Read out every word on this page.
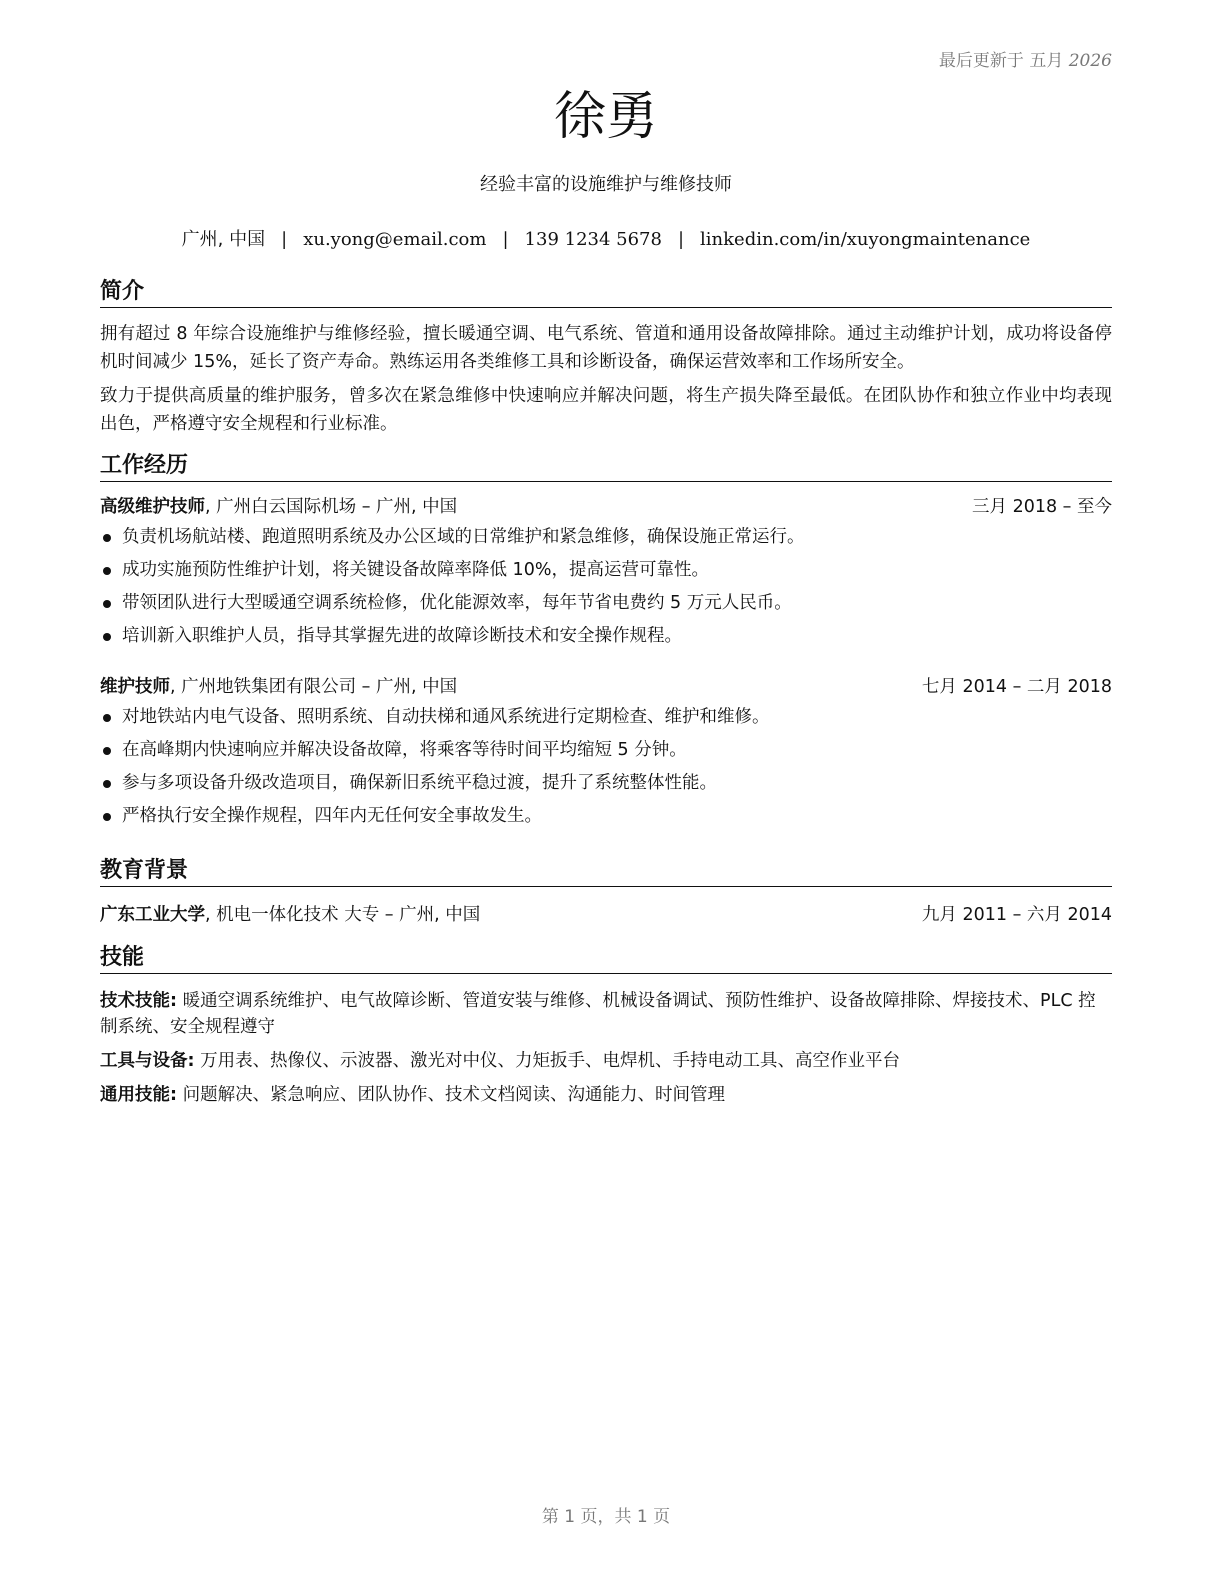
最后更新于 五月 2026
徐勇
经验丰富的设施维护与维修技师
广州, 中国 | xu.yong@email.com | 139 1234 5678 | linkedin.com/in/xuyongmaintenance
简介

拥有超过 8 年综合设施维护与维修经验，擅长暖通空调、电气系统、管道和通用设备故障排除。通过主动维护计划，成功将设备停机时间减少 15%，延长了资产寿命。熟练运用各类维修工具和诊断设备，确保运营效率和工作场所安全。

致力于提供高质量的维护服务，曾多次在紧急维修中快速响应并解决问题，将生产损失降至最低。在团队协作和独立作业中均表现出色，严格遵守安全规程和行业标准。

工作经历
高级维护技师, 广州白云国际机场 – 广州, 中国	三月 2018 – 至今
负责机场航站楼、跑道照明系统及办公区域的日常维护和紧急维修，确保设施正常运行。
成功实施预防性维护计划，将关键设备故障率降低 10%，提高运营可靠性。
带领团队进行大型暖通空调系统检修，优化能源效率，每年节省电费约 5 万元人民币。
培训新入职维护人员，指导其掌握先进的故障诊断技术和安全操作规程。
维护技师, 广州地铁集团有限公司 – 广州, 中国	七月 2014 – 二月 2018
对地铁站内电气设备、照明系统、自动扶梯和通风系统进行定期检查、维护和维修。
在高峰期内快速响应并解决设备故障，将乘客等待时间平均缩短 5 分钟。
参与多项设备升级改造项目，确保新旧系统平稳过渡，提升了系统整体性能。
严格执行安全操作规程，四年内无任何安全事故发生。
教育背景
广东工业大学, 机电一体化技术 大专 – 广州, 中国	九月 2011 – 六月 2014
技能

技术技能: 暖通空调系统维护、电气故障诊断、管道安装与维修、机械设备调试、预防性维护、设备故障排除、焊接技术、PLC 控制系统、安全规程遵守

工具与设备: 万用表、热像仪、示波器、激光对中仪、力矩扳手、电焊机、手持电动工具、高空作业平台

通用技能: 问题解决、紧急响应、团队协作、技术文档阅读、沟通能力、时间管理

第 1 页，共 1 页
